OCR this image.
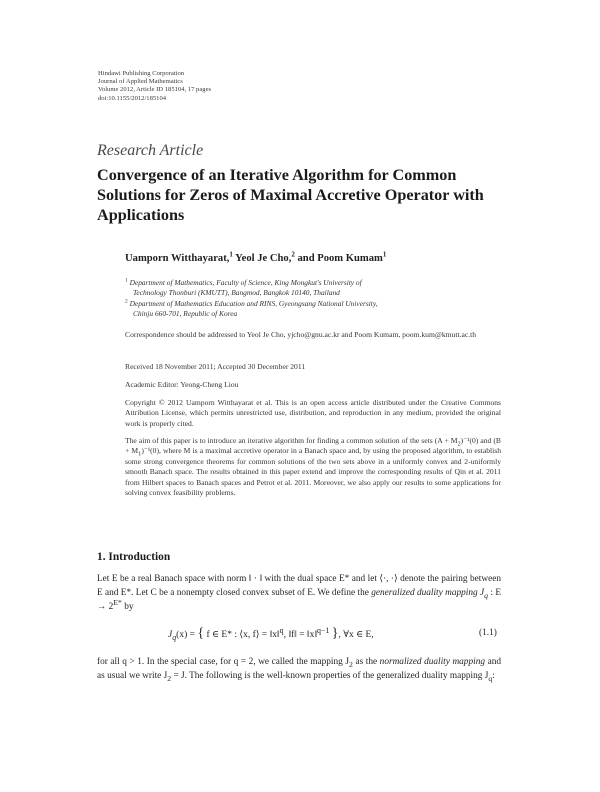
Hindawi Publishing Corporation
Journal of Applied Mathematics
Volume 2012, Article ID 185104, 17 pages
doi:10.1155/2012/185104
Research Article
Convergence of an Iterative Algorithm for Common Solutions for Zeros of Maximal Accretive Operator with Applications
Uamporn Witthayarat,$^1$ Yeol Je Cho,$^2$ and Poom Kumam$^1$
$^1$ Department of Mathematics, Faculty of Science, King Mongkut's University of
Technology Thonburi (KMUTT), Bangmod, Bangkok 10140, Thailand
$^2$ Department of Mathematics Education and RINS, Gyeongsang National University,
Chinju 660-701, Republic of Korea
Correspondence should be addressed to Yeol Je Cho, yjcho@gnu.ac.kr and Poom Kumam, poom.kum@kmutt.ac.th
Received 18 November 2011; Accepted 30 December 2011
Academic Editor: Yeong-Cheng Liou
Copyright © 2012 Uamporn Witthayarat et al. This is an open access article distributed under the Creative Commons Attribution License, which permits unrestricted use, distribution, and reproduction in any medium, provided the original work is properly cited.
The aim of this paper is to introduce an iterative algorithm for finding a common solution of the sets $(A + M_2)^{-1}(0)$ and $(B + M_1)^{-1}(0)$, where M is a maximal accretive operator in a Banach space and, by using the proposed algorithm, to establish some strong convergence theorems for common solutions of the two sets above in a uniformly convex and 2-uniformly smooth Banach space. The results obtained in this paper extend and improve the corresponding results of Qin et al. 2011 from Hilbert spaces to Banach spaces and Petrot et al. 2011. Moreover, we also apply our results to some applications for solving convex feasibility problems.
1. Introduction
Let E be a real Banach space with norm ‖ · ‖ with the dual space E* and let ⟨·, ·⟩ denote the pairing between E and E*. Let C be a nonempty closed convex subset of E. We define the generalized duality mapping $J_q$ : $E \to 2^{E*}$ by
$J_q(x)$ = { f ∈ E* : ⟨x, f⟩ = ‖x‖$^q$, ‖f‖ = ‖x‖$^{q-1}$ }, ∀x ∈ E,	(1.1)
for all q > 1. In the special case, for q = 2, we called the mapping $J_2$ as the normalized duality mapping and as usual we write $J_2 = J$. The following is the well-known properties of the generalized duality mapping $J_q$:
